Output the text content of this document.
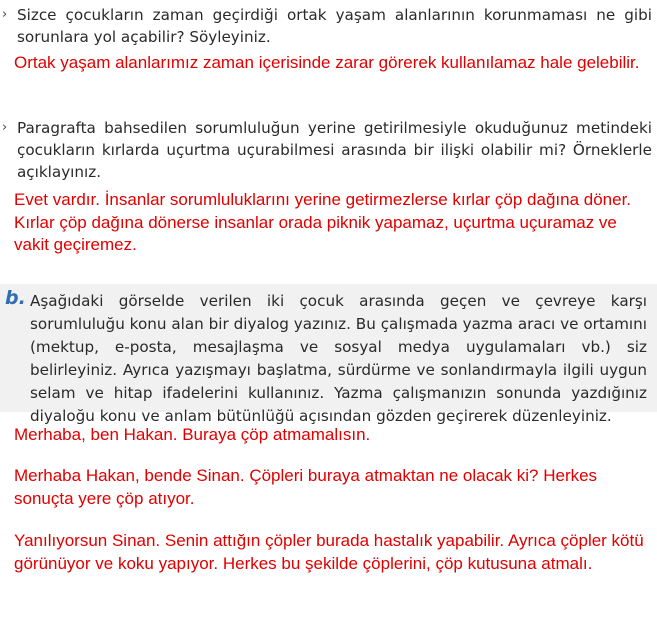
› Sizce çocukların zaman geçirdiği ortak yaşam alanlarının korunmaması ne gibi sorunlara yol açabilir? Söyleyiniz.
Ortak yaşam alanlarımız zaman içerisinde zarar görerek kullanılamaz hale gelebilir.
› Paragrafta bahsedilen sorumluluğun yerine getirilmesiyle okuduğunuz metindeki çocukların kırlarda uçurtma uçurabilmesi arasında bir ilişki olabilir mi? Örneklerle açıklayınız.
Evet vardır. İnsanlar sorumluluklarını yerine getirmezlerse kırlar çöp dağına döner. Kırlar çöp dağına dönerse insanlar orada piknik yapamaz, uçurtma uçuramaz ve vakit geçiremez.
b. Aşağıdaki görselde verilen iki çocuk arasında geçen ve çevreye karşı sorumluluğu konu alan bir diyalog yazınız. Bu çalışmada yazma aracı ve ortamını (mektup, e-posta, mesajlaşma ve sosyal medya uygulamaları vb.) siz belirleyiniz. Ayrıca yazışmayı başlatma, sürdürme ve sonlandırmayla ilgili uygun selam ve hitap ifadelerini kullanınız. Yazma çalışmanızın sonunda yazdığınız diyaloğu konu ve anlam bütünlüğü açısından gözden geçirerek düzenleyiniz.
Merhaba, ben Hakan. Buraya çöp atmamalısın.
Merhaba Hakan, bende Sinan. Çöpleri buraya atmaktan ne olacak ki? Herkes sonuçta yere çöp atıyor.
Yanılıyorsun Sinan. Senin attığın çöpler burada hastalık yapabilir. Ayrıca çöpler kötü görünüyor ve koku yapıyor. Herkes bu şekilde çöplerini, çöp kutusuna atmalı.
